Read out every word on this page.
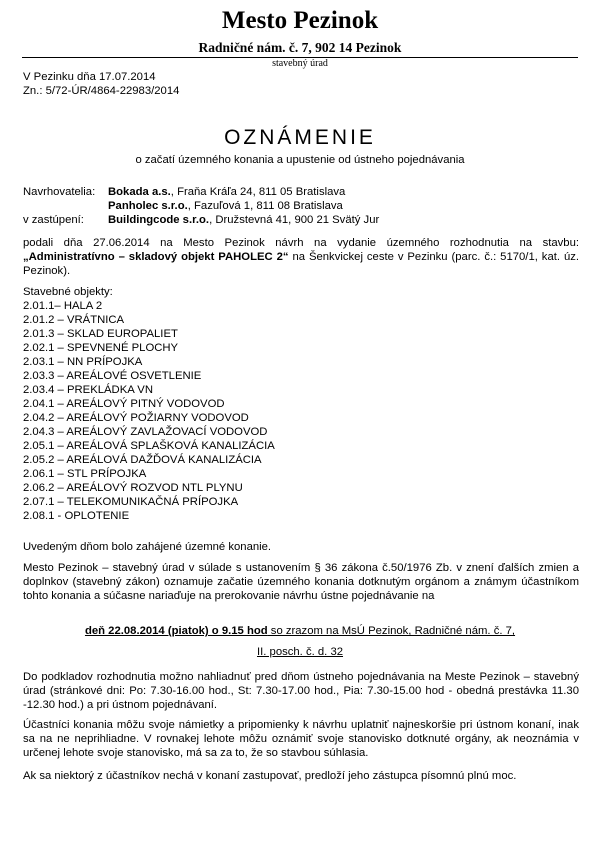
Mesto Pezinok
Radničné nám. č. 7, 902 14 Pezinok
stavebný úrad
V Pezinku dňa 17.07.2014
Zn.: 5/72-ÚR/4864-22983/2014
OZNÁMENIE
o začatí územného konania a upustenie od ústneho pojednávania
Navrhovatelia: Bokada a.s., Fraňa Kráľa 24, 811 05 Bratislava
Panholec s.r.o., Fazuľová 1, 811 08 Bratislava
v zastúpení: Buildingcode s.r.o., Družstevná 41, 900 21 Svätý Jur
podali dňa 27.06.2014 na Mesto Pezinok návrh na vydanie územného rozhodnutia na stavbu: „Administratívno – skladový objekt PAHOLEC 2“ na Šenkvickej ceste v Pezinku (parc. č.: 5170/1, kat. úz. Pezinok).
Stavebné objekty:
2.01.1– HALA 2
2.01.2 – VRÁTNICA
2.01.3 – SKLAD EUROPALIET
2.02.1 – SPEVNENÉ PLOCHY
2.03.1 – NN PRÍPOJKA
2.03.3 – AREÁLOVÉ OSVETLENIE
2.03.4 – PREKLÁDKA VN
2.04.1 – AREÁLOVÝ PITNÝ VODOVOD
2.04.2 – AREÁLOVÝ POŽIARNY VODOVOD
2.04.3 – AREÁLOVÝ ZAVLAŽOVACÍ VODOVOD
2.05.1 – AREÁLOVÁ SPLAŠKOVÁ KANALIZÁCIA
2.05.2 – AREÁLOVÁ DAŽĎOVÁ KANALIZÁCIA
2.06.1 – STL PRÍPOJKA
2.06.2 – AREÁLOVÝ ROZVOD NTL PLYNU
2.07.1 – TELEKOMUNIKAČNÁ PRÍPOJKA
2.08.1 - OPLOTENIE
Uvedeným dňom bolo zahájené územné konanie.
Mesto Pezinok – stavebný úrad v súlade s ustanovením § 36 zákona č.50/1976 Zb. v znení ďalších zmien a doplnkov (stavebný zákon) oznamuje začatie územného konania dotknutým orgánom a známym účastníkom tohto konania a súčasne nariaďuje na prerokovanie návrhu ústne pojednávanie na
deň 22.08.2014 (piatok) o 9.15 hod so zrazom na MsÚ Pezinok, Radničné nám. č. 7,
II. posch. č. d. 32
Do podkladov rozhodnutia možno nahliadnuť pred dňom ústneho pojednávania na Meste Pezinok – stavebný úrad (stránkové dni: Po: 7.30-16.00 hod., St: 7.30-17.00 hod., Pia: 7.30-15.00 hod - obedná prestávka 11.30 -12.30 hod.) a pri ústnom pojednávaní.
Účastníci konania môžu svoje námietky a pripomienky k návrhu uplatniť najneskoršie pri ústnom konaní, inak sa na ne neprihliadne. V rovnakej lehote môžu oznámiť svoje stanovisko dotknuté orgány, ak neoznámia v určenej lehote svoje stanovisko, má sa za to, že so stavbou súhlasia.
Ak sa niektorý z účastníkov nechá v konaní zastupovať, predloží jeho zástupca písomnú plnú moc.
